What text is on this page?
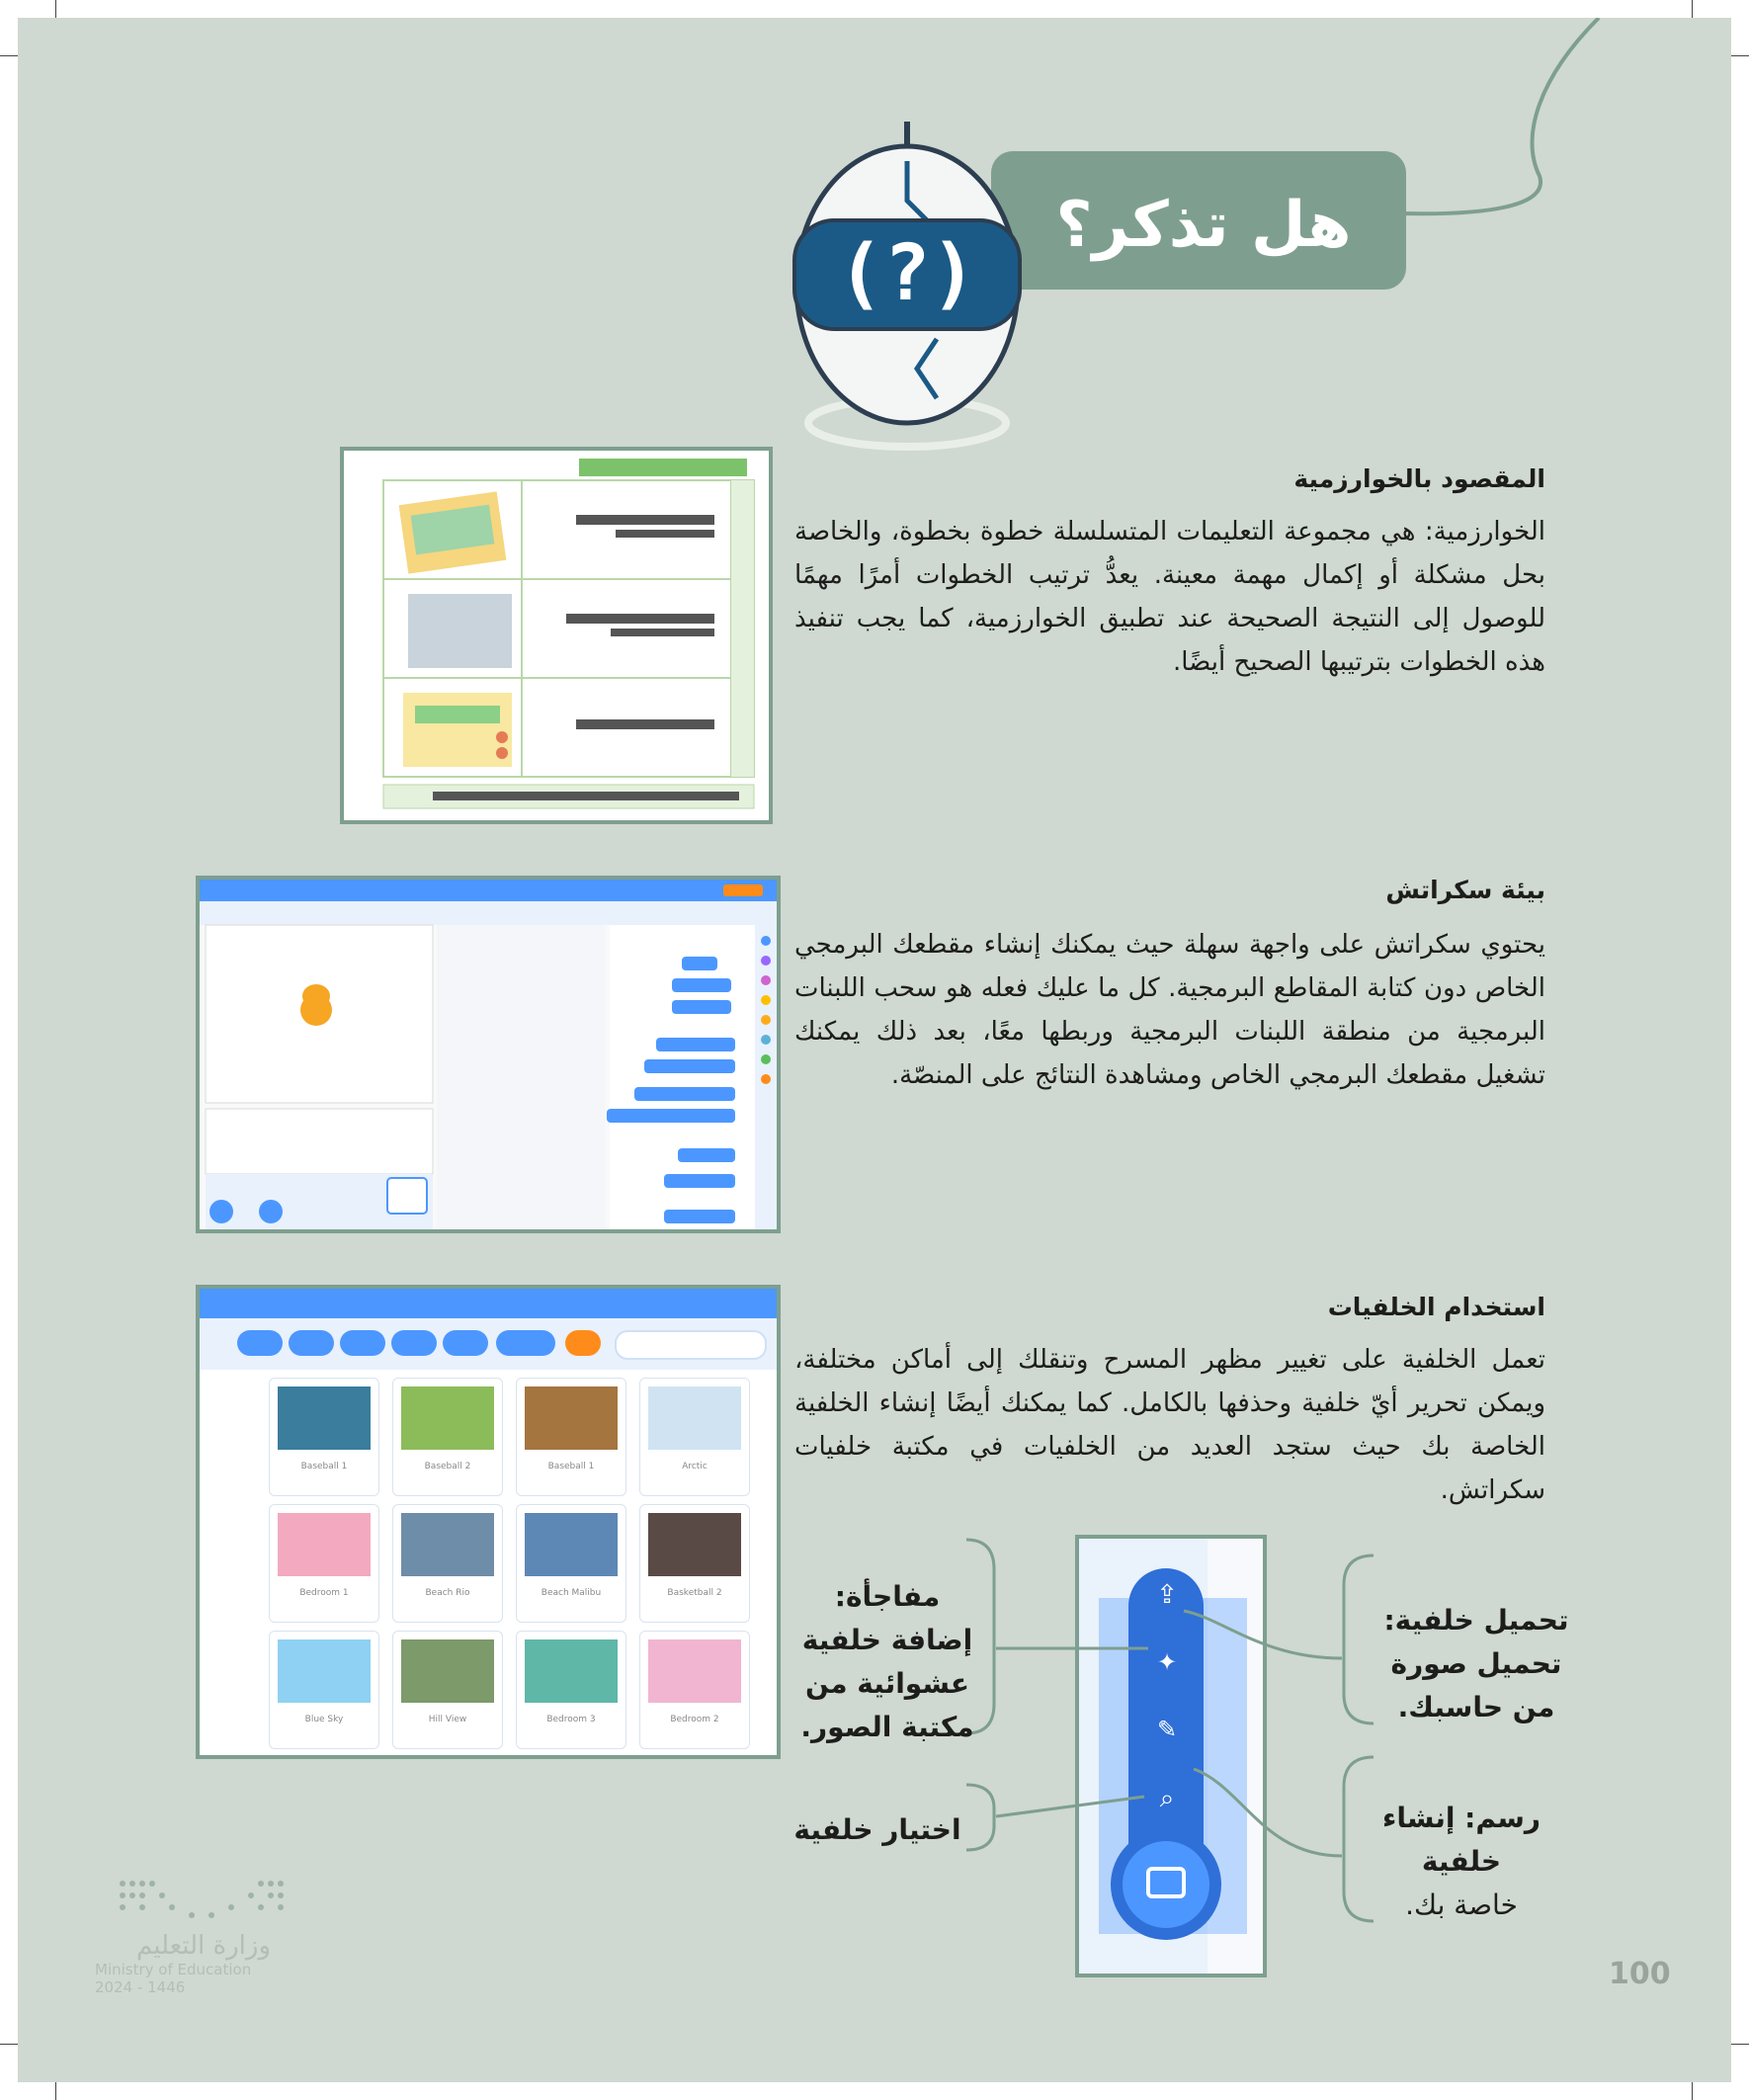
هل تذكر؟
(?)
المقصود بالخوارزمية
الخوارزمية: هي مجموعة التعليمات المتسلسلة خطوة بخطوة، والخاصة بحل مشكلة أو إكمال مهمة معينة. يعدُّ ترتيب الخطوات أمرًا مهمًا للوصول إلى النتيجة الصحيحة عند تطبيق الخوارزمية، كما يجب تنفيذ هذه الخطوات بترتيبها الصحيح أيضًا.
بيئة سكراتش
يحتوي سكراتش على واجهة سهلة حيث يمكنك إنشاء مقطعك البرمجي الخاص دون كتابة المقاطع البرمجية. كل ما عليك فعله هو سحب اللبنات البرمجية من منطقة اللبنات البرمجية وربطها معًا، بعد ذلك يمكنك تشغيل مقطعك البرمجي الخاص ومشاهدة النتائج على المنصّة.
استخدام الخلفيات
تعمل الخلفية على تغيير مظهر المسرح وتنقلك إلى أماكن مختلفة، ويمكن تحرير أيّ خلفية وحذفها بالكامل. كما يمكنك أيضًا إنشاء الخلفية الخاصة بك حيث ستجد العديد من الخلفيات في مكتبة خلفيات سكراتش.
Baseball 1	Baseball 2	Baseball 1	Arctic
Bedroom 1	Beach Rio	Beach Malibu	Basketball 2
Blue Sky	Hill View	Bedroom 3	Bedroom 2
⇪
✦
✎
⌕
مفاجأة: إضافة خلفية عشوائية من مكتبة الصور.
اختيار خلفية
تحميل خلفية: تحميل صورة من حاسبك.
رسم: إنشاء خلفية
خاصة بك.
وزارة التعليم
Ministry of Education
2024 - 1446	100
